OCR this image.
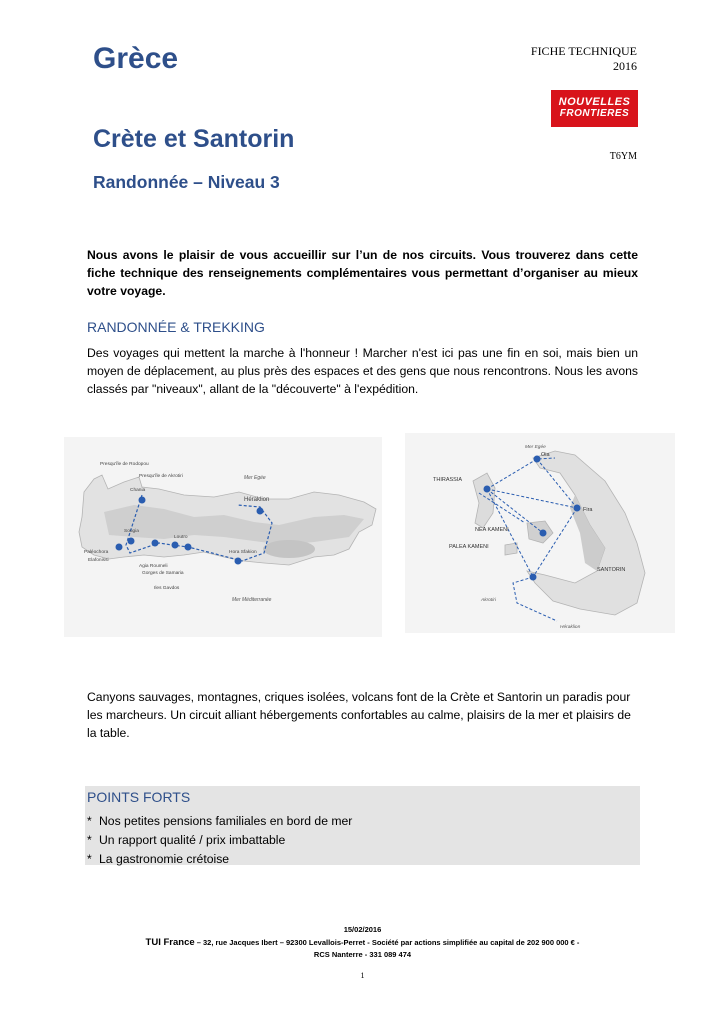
Grèce	FICHE TECHNIQUE
2016
NOUVELLES
FRONTIERES
T6YM
Crète et Santorin
Randonnée – Niveau 3

Nous avons le plaisir de vous accueillir sur l’un de nos circuits. Vous trouverez dans cette fiche technique des renseignements complémentaires vous permettant d’organiser au mieux votre voyage.

RANDONNÉE & TREKKING

Des voyages qui mettent la marche à l'honneur ! Marcher n'est ici pas une fin en soi, mais bien un moyen de déplacement, au plus près des espaces et des gens que nous rencontrons. Nous les avons classés par "niveaux", allant de la "découverte" à l'expédition.

Presqu'île de Rodopou
Presqu'île de Akrotiri
Chania
Héraklion
Paléochora
Sougia
Agia Roumeli
Loutro
Hora Sfakion
Elafonissi
Gorges de Samaria
Iles Gavdos
Mer Egée
Mer Méditerranée
Oia
THIRASSIA
Fira
NEA KAMENI
PALEA KAMENI
SANTORIN
Akrotiri
Mer Egée
Héraklion

Canyons sauvages, montagnes, criques isolées, volcans font de la Crète et Santorin un paradis pour les marcheurs. Un circuit alliant hébergements confortables au calme, plaisirs de la mer et plaisirs de la table.

POINTS FORTS
* Nos petites pensions familiales en bord de mer
* Un rapport qualité / prix imbattable
* La gastronomie crétoise
15/02/2016
TUI France – 32, rue Jacques Ibert – 92300 Levallois-Perret - Société par actions simplifiée au capital de 202 900 000 € -
RCS Nanterre - 331 089 474
1
